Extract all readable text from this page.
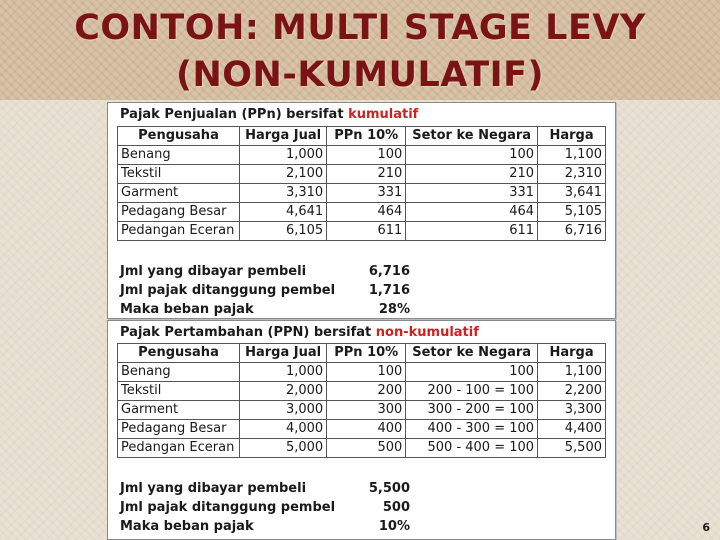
CONTOH: MULTI STAGE LEVY
(NON-KUMULATIF)
Pajak Penjualan (PPn) bersifat kumulatif
Pengusaha	Harga Jual	PPn 10%	Setor ke Negara	Harga
Benang	1,000	100	100	1,100
Tekstil	2,100	210	210	2,310
Garment	3,310	331	331	3,641
Pedagang Besar	4,641	464	464	5,105
Pedangan Eceran	6,105	611	611	6,716
Jml yang dibayar pembeli	6,716
Jml pajak ditanggung pembel	1,716
Maka beban pajak	28%
Pajak Pertambahan (PPN) bersifat non-kumulatif
Pengusaha	Harga Jual	PPn 10%	Setor ke Negara	Harga
Benang	1,000	100	100	1,100
Tekstil	2,000	200	200 - 100 = 100	2,200
Garment	3,000	300	300 - 200 = 100	3,300
Pedagang Besar	4,000	400	400 - 300 = 100	4,400
Pedangan Eceran	5,000	500	500 - 400 = 100	5,500
Jml yang dibayar pembeli	5,500
Jml pajak ditanggung pembel	500
Maka beban pajak	10%	6
